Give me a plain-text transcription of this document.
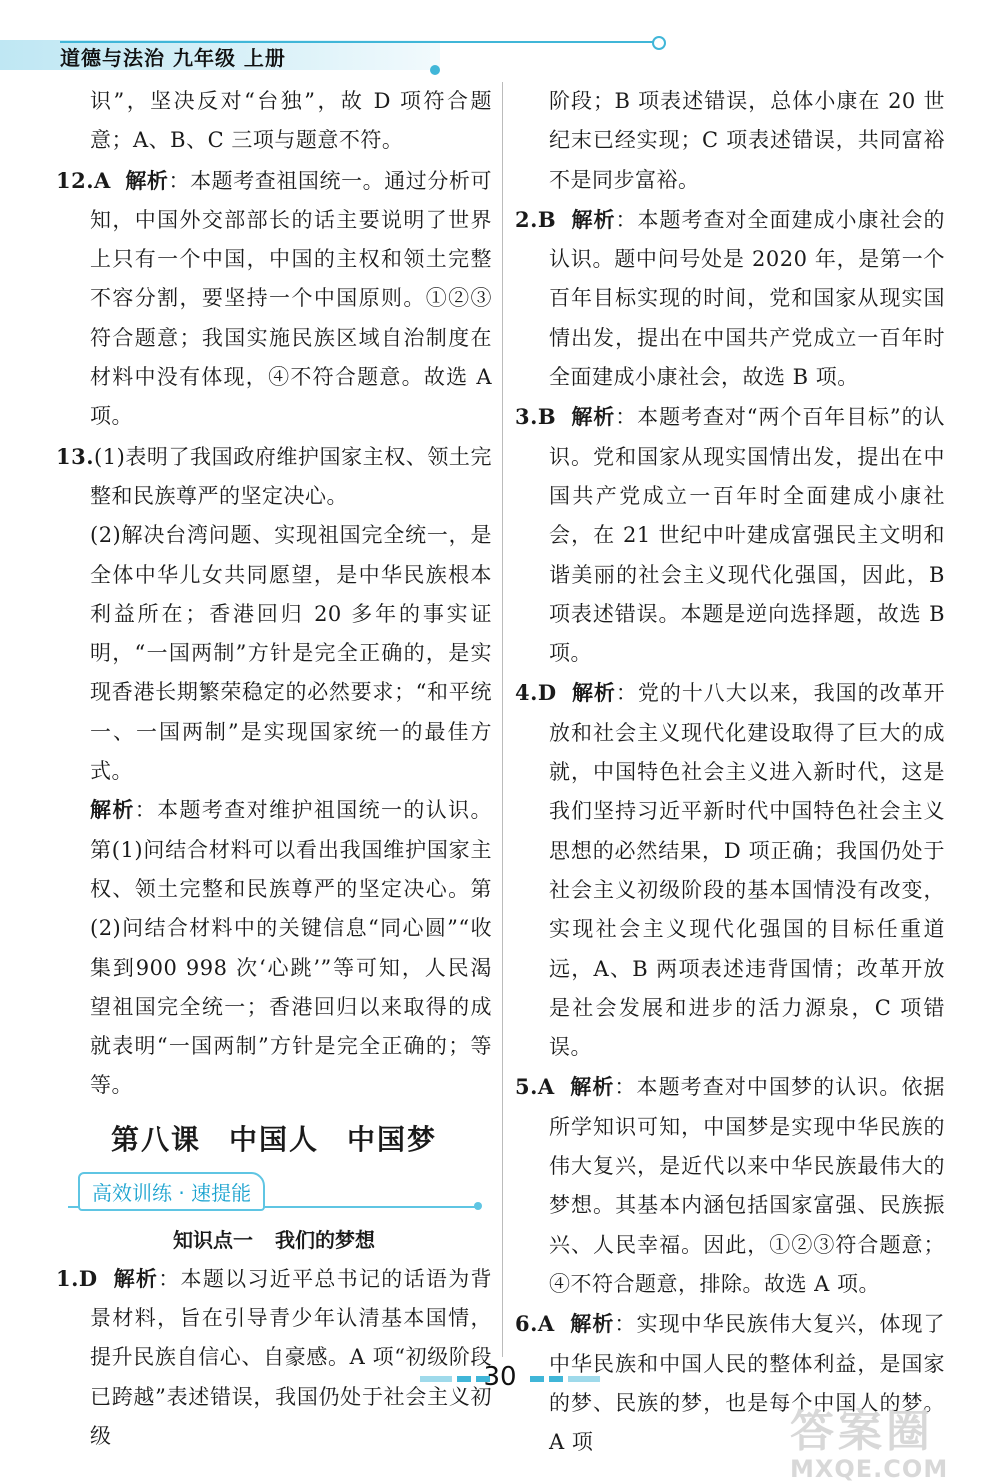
道德与法治 九年级 上册

识”，坚决反对“台独”，故 D 项符合题意；A、B、C 三项与题意不符。

12.A 解析：本题考查祖国统一。通过分析可知，中国外交部部长的话主要说明了世界上只有一个中国，中国的主权和领土完整不容分割，要坚持一个中国原则。①②③符合题意；我国实施民族区域自治制度在材料中没有体现，④不符合题意。故选 A 项。

13.(1)表明了我国政府维护国家主权、领土完整和民族尊严的坚定决心。

(2)解决台湾问题、实现祖国完全统一，是全体中华儿女共同愿望，是中华民族根本利益所在；香港回归 20 多年的事实证明，“一国两制”方针是完全正确的，是实现香港长期繁荣稳定的必然要求；“和平统一、一国两制”是实现国家统一的最佳方式。

解析：本题考查对维护祖国统一的认识。第(1)问结合材料可以看出我国维护国家主权、领土完整和民族尊严的坚定决心。第(2)问结合材料中的关键信息“同心圆”“收集到900 998 次‘心跳’”等可知，人民渴望祖国完全统一；香港回归以来取得的成就表明“一国两制”方针是完全正确的；等等。

第八课 中国人 中国梦
高效训练 · 速提能
知识点一 我们的梦想

1.D 解析：本题以习近平总书记的话语为背景材料，旨在引导青少年认清基本国情，提升民族自信心、自豪感。A 项“初级阶段已跨越”表述错误，我国仍处于社会主义初级

阶段；B 项表述错误，总体小康在 20 世纪末已经实现；C 项表述错误，共同富裕不是同步富裕。

2.B 解析：本题考查对全面建成小康社会的认识。题中问号处是 2020 年，是第一个百年目标实现的时间，党和国家从现实国情出发，提出在中国共产党成立一百年时全面建成小康社会，故选 B 项。

3.B 解析：本题考查对“两个百年目标”的认识。党和国家从现实国情出发，提出在中国共产党成立一百年时全面建成小康社会，在 21 世纪中叶建成富强民主文明和谐美丽的社会主义现代化强国，因此，B 项表述错误。本题是逆向选择题，故选 B 项。

4.D 解析：党的十八大以来，我国的改革开放和社会主义现代化建设取得了巨大的成就，中国特色社会主义进入新时代，这是我们坚持习近平新时代中国特色社会主义思想的必然结果，D 项正确；我国仍处于社会主义初级阶段的基本国情没有改变，实现社会主义现代化强国的目标任重道远，A、B 两项表述违背国情；改革开放是社会发展和进步的活力源泉，C 项错误。

5.A 解析：本题考查对中国梦的认识。依据所学知识可知，中国梦是实现中华民族的伟大复兴，是近代以来中华民族最伟大的梦想。其基本内涵包括国家富强、民族振兴、人民幸福。因此，①②③符合题意；④不符合题意，排除。故选 A 项。

6.A 解析：实现中华民族伟大复兴，体现了中华民族和中国人民的整体利益，是国家的梦、民族的梦，也是每个中国人的梦。A 项

30
答案圈
MXQE.COM
